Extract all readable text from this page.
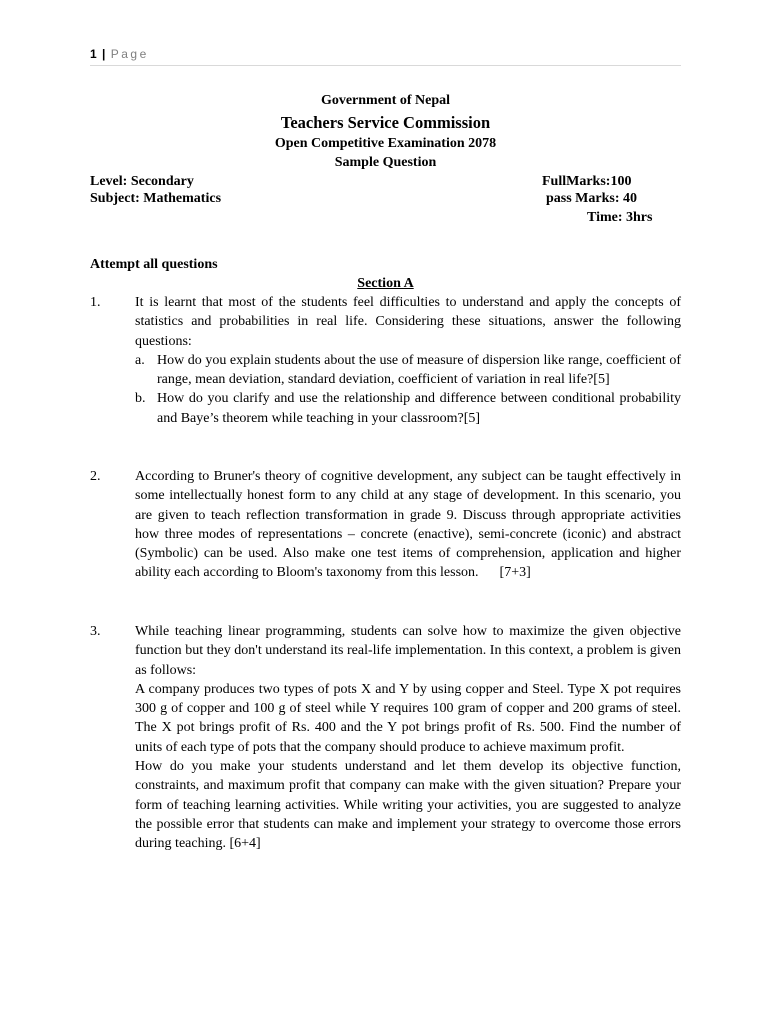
1 | Page
Government of Nepal
Teachers Service Commission
Open Competitive Examination 2078
Sample Question
Level: Secondary
Subject: Mathematics
FullMarks:100
pass Marks: 40
Time: 3hrs
Attempt all questions
Section A
1. It is learnt that most of the students feel difficulties to understand and apply the concepts of statistics and probabilities in real life. Considering these situations, answer the following questions:

a. How do you explain students about the use of measure of dispersion like range, coefficient of range, mean deviation, standard deviation, coefficient of variation in real life?[5]
b. How do you clarify and use the relationship and difference between conditional probability and Baye’s theorem while teaching in your classroom?[5]
2. According to Bruner's theory of cognitive development, any subject can be taught effectively in some intellectually honest form to any child at any stage of development. In this scenario, you are given to teach reflection transformation in grade 9. Discuss through appropriate activities how three modes of representations – concrete (enactive), semi-concrete (iconic) and abstract (Symbolic) can be used. Also make one test items of comprehension, application and higher ability each according to Bloom's taxonomy from this lesson. [7+3]

3. While teaching linear programming, students can solve how to maximize the given objective function but they don't understand its real-life implementation. In this context, a problem is given as follows:

A company produces two types of pots X and Y by using copper and Steel. Type X pot requires 300 g of copper and 100 g of steel while Y requires 100 gram of copper and 200 grams of steel. The X pot brings profit of Rs. 400 and the Y pot brings profit of Rs. 500. Find the number of units of each type of pots that the company should produce to achieve maximum profit.

How do you make your students understand and let them develop its objective function, constraints, and maximum profit that company can make with the given situation? Prepare your form of teaching learning activities. While writing your activities, you are suggested to analyze the possible error that students can make and implement your strategy to overcome those errors during teaching. [6+4]
